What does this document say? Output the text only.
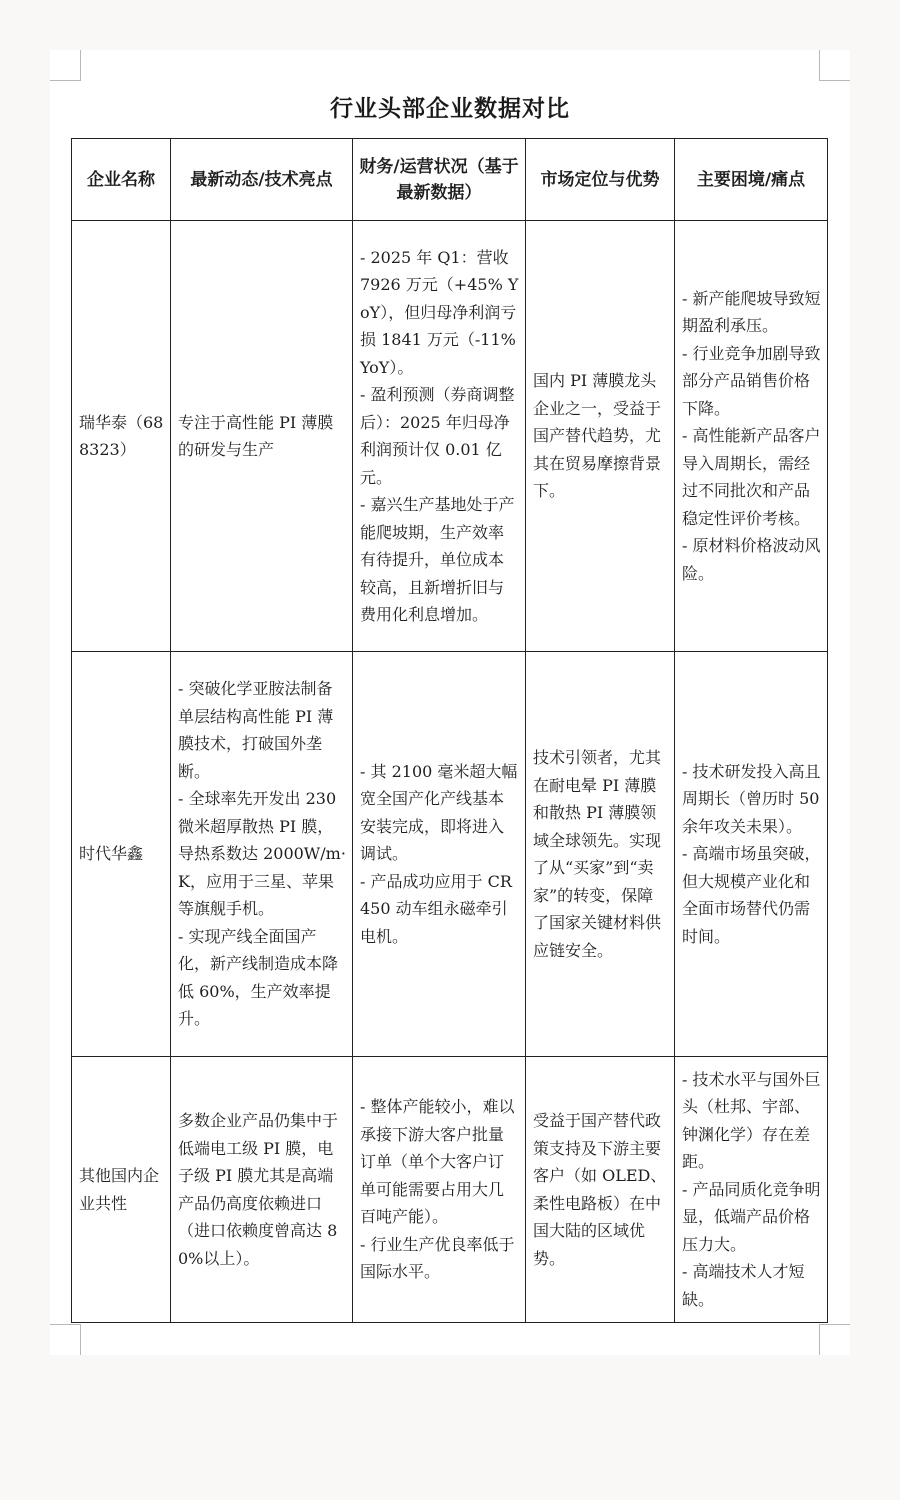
行业头部企业数据对比
企业名称	最新动态/技术亮点	财务/运营状况（基于最新数据）	市场定位与优势	主要困境/痛点
瑞华泰（688323）	专注于高性能 PI 薄膜的研发与生产	- 2025 年 Q1：营收 7926 万元（+45% YoY），但归母净利润亏损 1841 万元（-11% YoY）。
- 盈利预测（券商调整后）：2025 年归母净利润预计仅 0.01 亿元。
- 嘉兴生产基地处于产能爬坡期，生产效率有待提升，单位成本较高，且新增折旧与费用化利息增加。	国内 PI 薄膜龙头企业之一，受益于国产替代趋势，尤其在贸易摩擦背景下。	- 新产能爬坡导致短期盈利承压。
- 行业竞争加剧导致部分产品销售价格下降。
- 高性能新产品客户导入周期长，需经过不同批次和产品稳定性评价考核。
- 原材料价格波动风险。

时代华鑫	- 突破化学亚胺法制备单层结构高性能 PI 薄膜技术，打破国外垄断。
- 全球率先开发出 230 微米超厚散热 PI 膜，导热系数达 2000W/m·K，应用于三星、苹果等旗舰手机。
- 实现产线全面国产化，新产线制造成本降低 60%，生产效率提升。	- 其 2100 毫米超大幅宽全国产化产线基本安装完成，即将进入调试。
- 产品成功应用于 CR450 动车组永磁牵引电机。	技术引领者，尤其在耐电晕 PI 薄膜和散热 PI 薄膜领域全球领先。实现了从“买家”到“卖家”的转变，保障了国家关键材料供应链安全。	- 技术研发投入高且周期长（曾历时 50 余年攻关未果）。
- 高端市场虽突破，但大规模产业化和全面市场替代仍需时间。

其他国内企业共性	多数企业产品仍集中于低端电工级 PI 膜，电子级 PI 膜尤其是高端产品仍高度依赖进口（进口依赖度曾高达 80%以上）。	- 整体产能较小，难以承接下游大客户批量订单（单个大客户订单可能需要占用大几百吨产能）。
- 行业生产优良率低于国际水平。	受益于国产替代政策支持及下游主要客户（如 OLED、柔性电路板）在中国大陆的区域优势。	- 技术水平与国外巨头（杜邦、宇部、钟渊化学）存在差距。
- 产品同质化竞争明显，低端产品价格压力大。
- 高端技术人才短缺。
